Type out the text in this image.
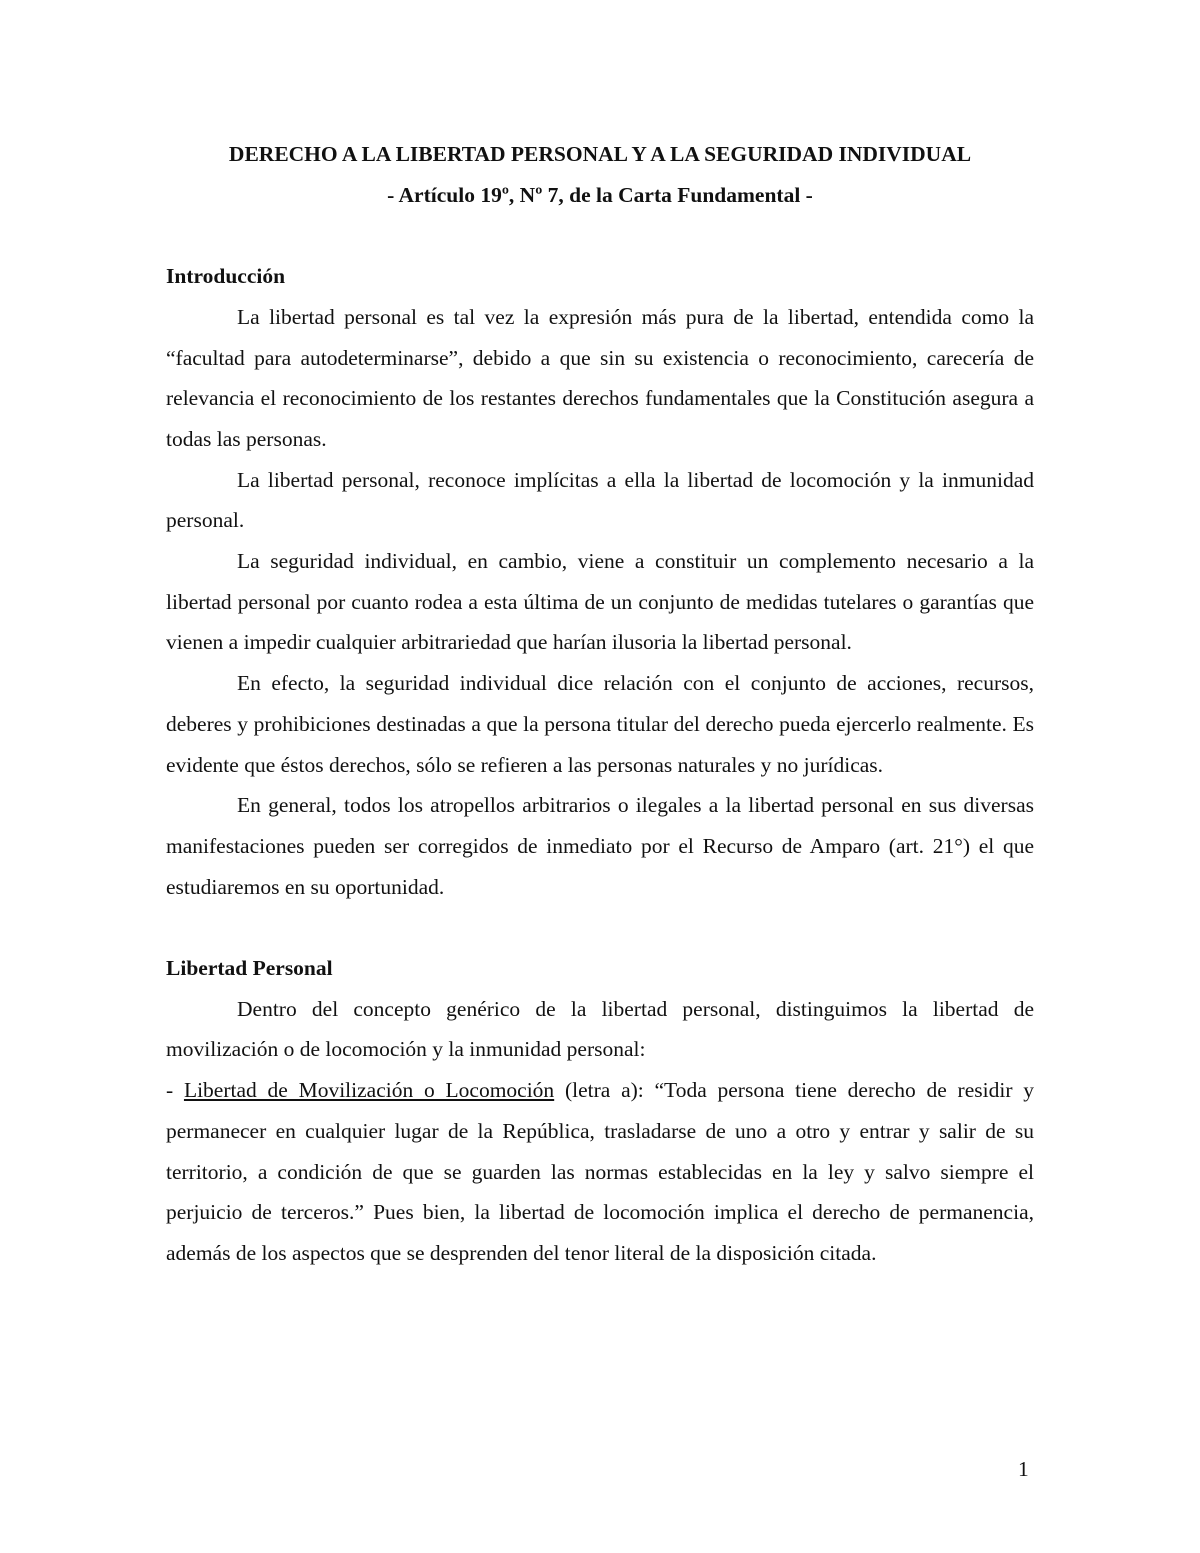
DERECHO A LA LIBERTAD PERSONAL Y A LA SEGURIDAD INDIVIDUAL

- Artículo 19º, Nº 7, de la Carta Fundamental -

Introducción

La libertad personal es tal vez la expresión más pura de la libertad, entendida como la “facultad para autodeterminarse”, debido a que sin su existencia o reconocimiento, carecería de relevancia el reconocimiento de los restantes derechos fundamentales que la Constitución asegura a todas las personas.

La libertad personal, reconoce implícitas a ella la libertad de locomoción y la inmunidad personal.

La seguridad individual, en cambio, viene a constituir un complemento necesario a la libertad personal por cuanto rodea a esta última de un conjunto de medidas tutelares o garantías que vienen a impedir cualquier arbitrariedad que harían ilusoria la libertad personal.

En efecto, la seguridad individual dice relación con el conjunto de acciones, recursos, deberes y prohibiciones destinadas a que la persona titular del derecho pueda ejercerlo realmente. Es evidente que éstos derechos, sólo se refieren a las personas naturales y no jurídicas.

En general, todos los atropellos arbitrarios o ilegales a la libertad personal en sus diversas manifestaciones pueden ser corregidos de inmediato por el Recurso de Amparo (art. 21°) el que estudiaremos en su oportunidad.

Libertad Personal

Dentro del concepto genérico de la libertad personal, distinguimos la libertad de movilización o de locomoción y la inmunidad personal:

- Libertad de Movilización o Locomoción (letra a): “Toda persona tiene derecho de residir y permanecer en cualquier lugar de la República, trasladarse de uno a otro y entrar y salir de su territorio, a condición de que se guarden las normas establecidas en la ley y salvo siempre el perjuicio de terceros.” Pues bien, la libertad de locomoción implica el derecho de permanencia, además de los aspectos que se desprenden del tenor literal de la disposición citada.

1
